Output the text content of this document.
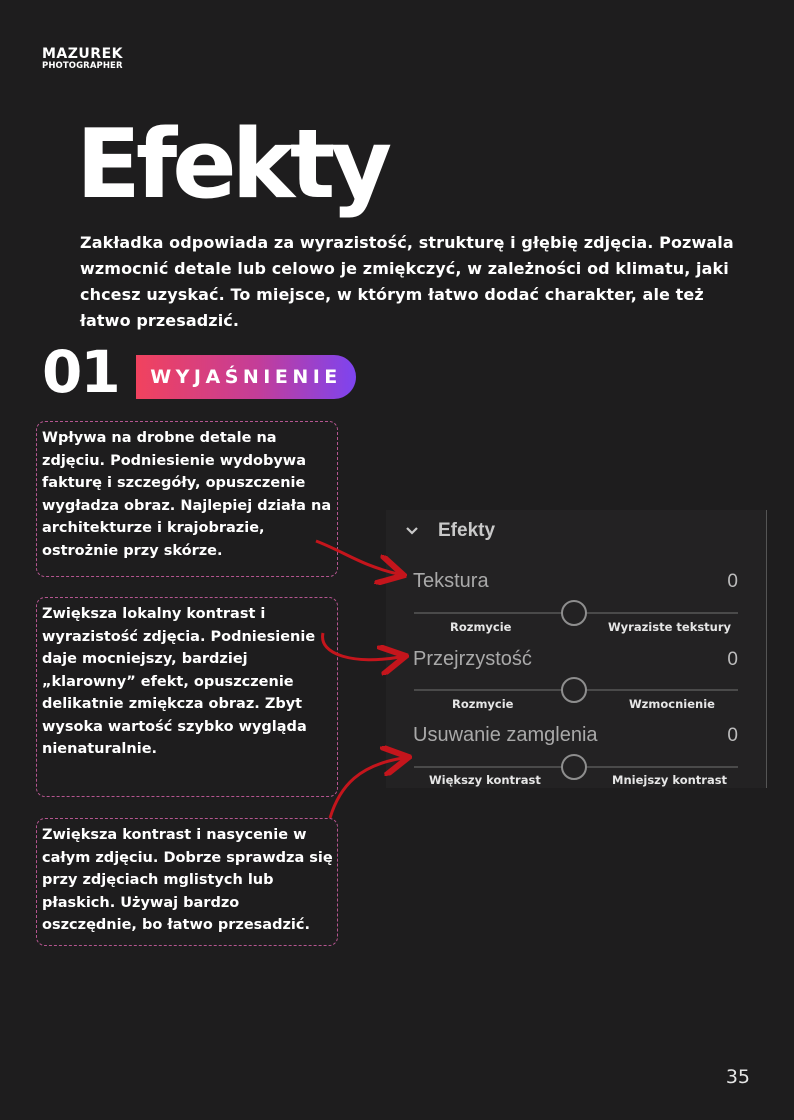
MAZUREK
PHOTOGRAPHER
Efekty
Zakładka odpowiada za wyrazistość, strukturę i głębię zdjęcia. Pozwala wzmocnić detale lub celowo je zmiękczyć, w zależności od klimatu, jaki chcesz uzyskać. To miejsce, w którym łatwo dodać charakter, ale też łatwo przesadzić.
01	WYJAŚNIENIE
Wpływa na drobne detale na zdjęciu. Podniesienie wydobywa fakturę i szczegóły, opuszczenie wygładza obraz. Najlepiej działa na architekturze i krajobrazie, ostrożnie przy skórze.
Zwiększa lokalny kontrast i wyrazistość zdjęcia. Podniesienie daje mocniejszy, bardziej „klarowny” efekt, opuszczenie delikatnie zmiękcza obraz. Zbyt wysoka wartość szybko wygląda nienaturalnie.
Zwiększa kontrast i nasycenie w całym zdjęciu. Dobrze sprawdza się przy zdjęciach mglistych lub płaskich. Używaj bardzo oszczędnie, bo łatwo przesadzić.
Efekty
Tekstura	0
Rozmycie	Wyraziste tekstury
Przejrzystość	0
Rozmycie	Wzmocnienie
Usuwanie zamglenia	0
Większy kontrast	Mniejszy kontrast
35
